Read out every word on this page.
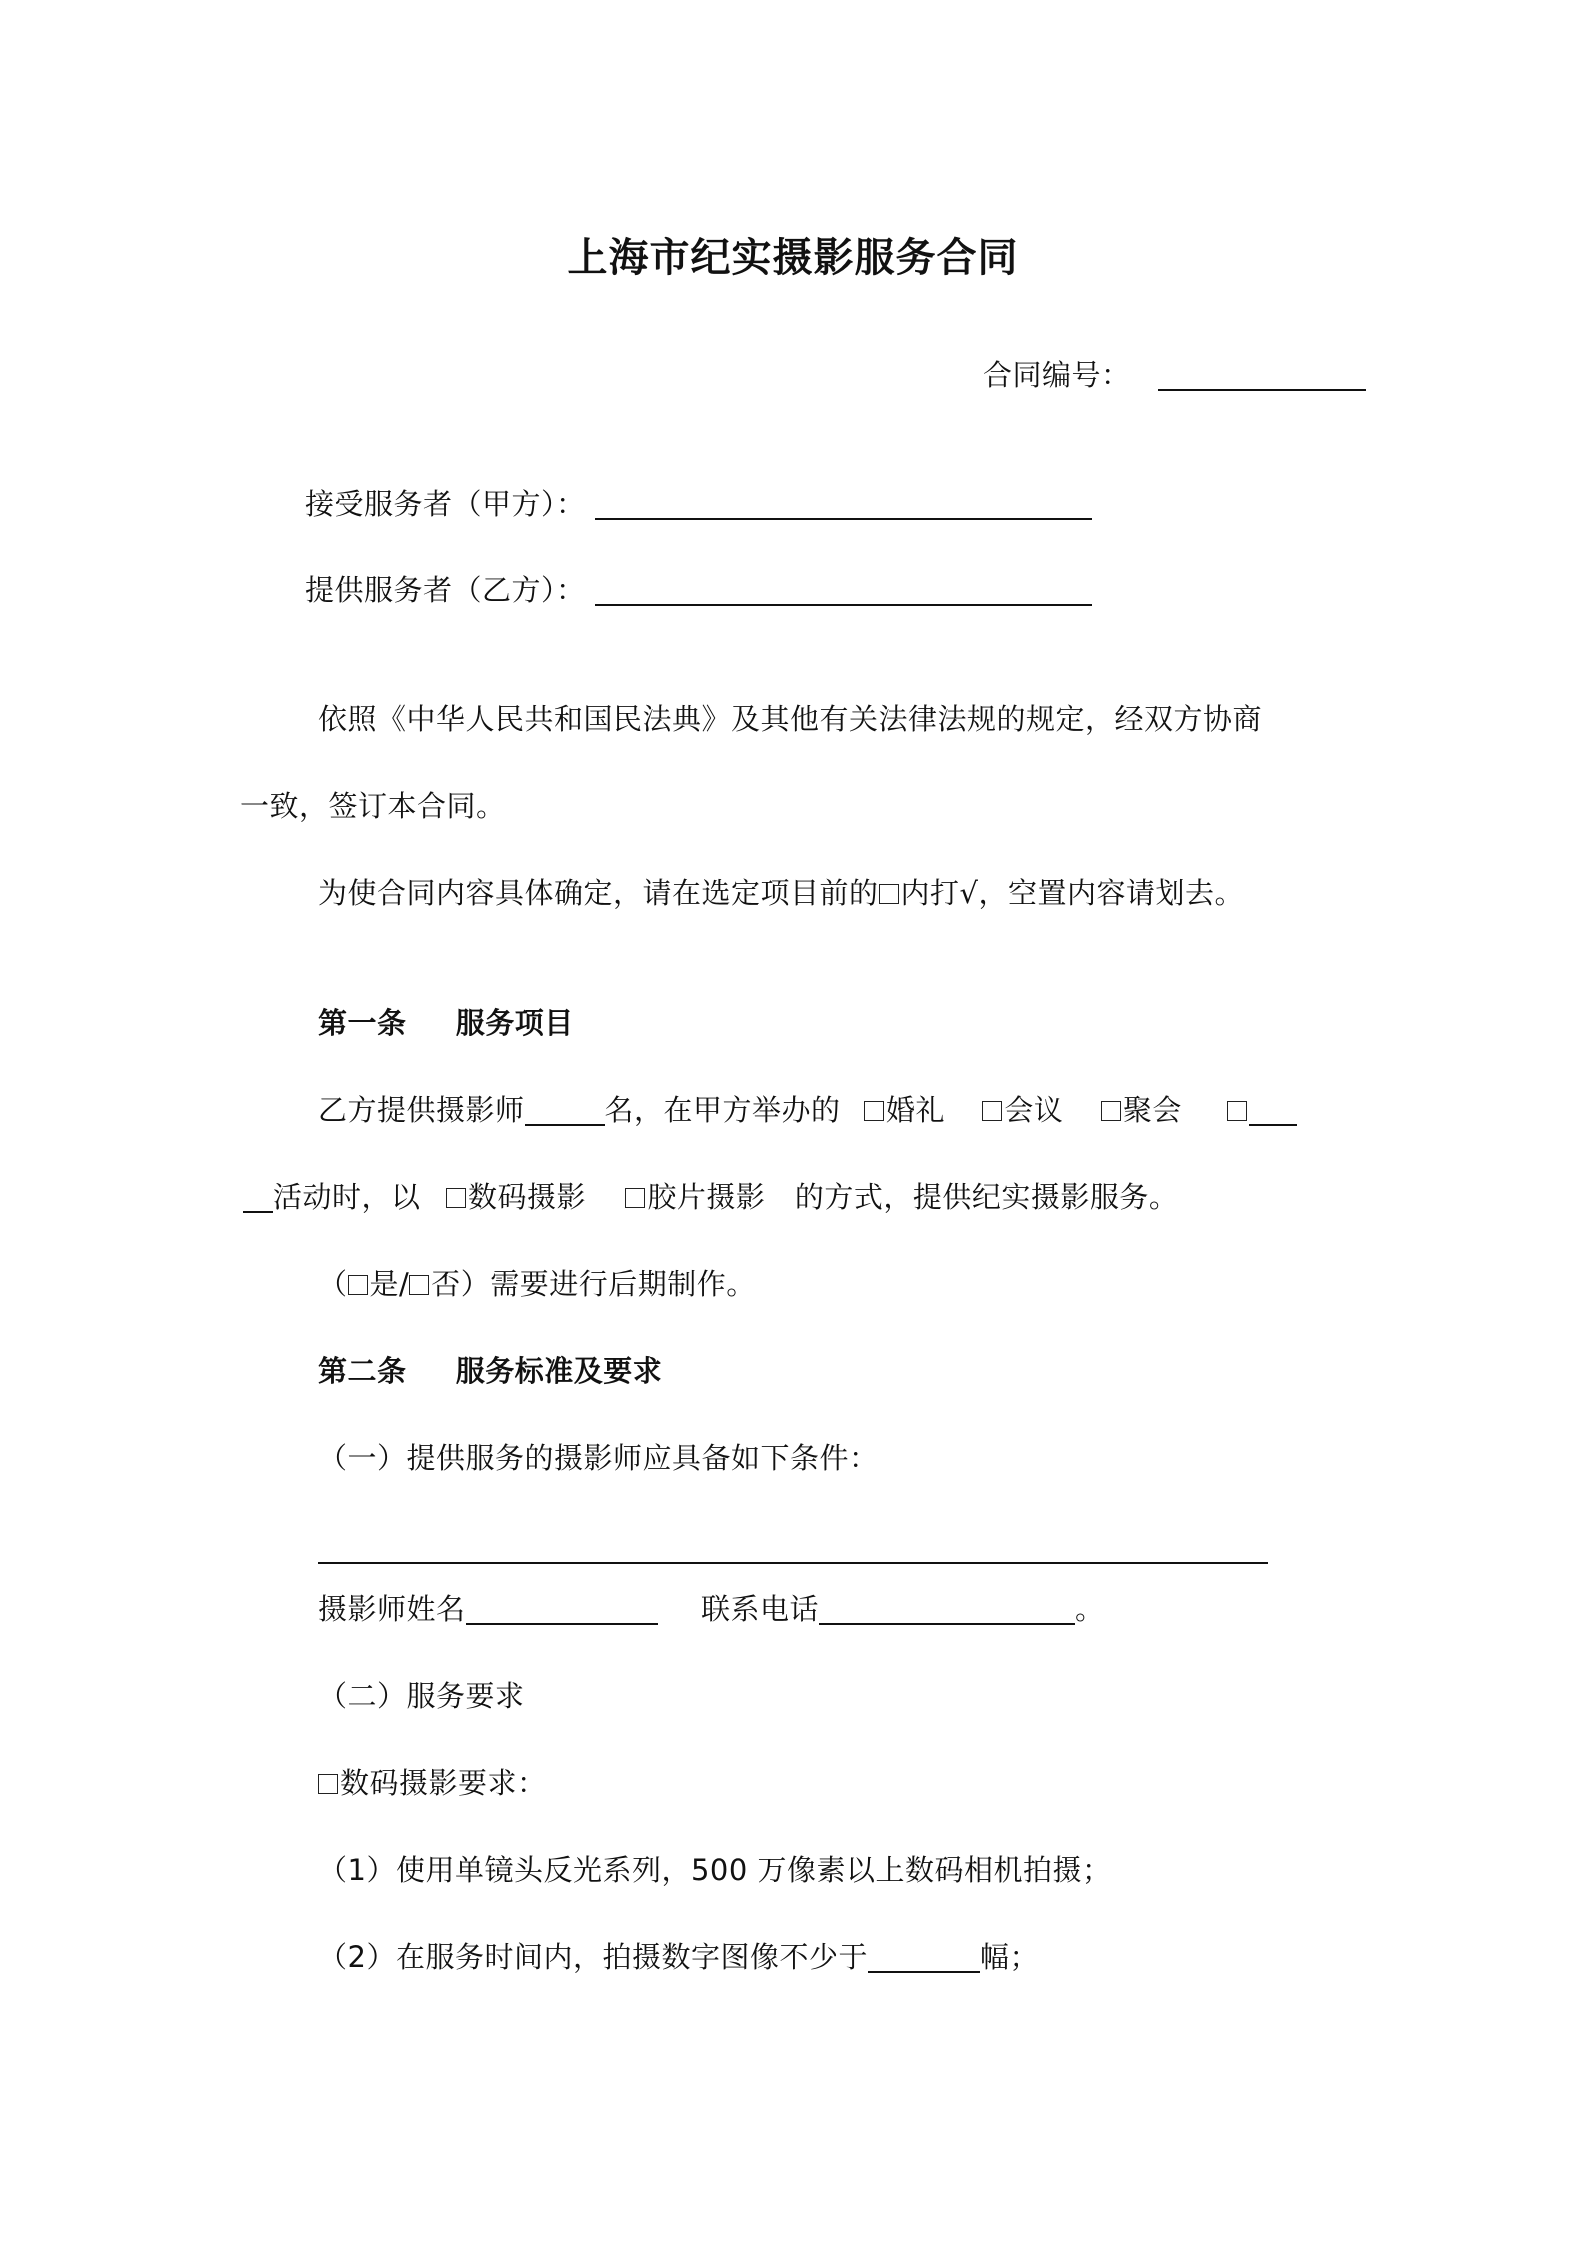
上海市纪实摄影服务合同
合同编号：
接受服务者（甲方）：
提供服务者（乙方）：
依照《中华人民共和国民法典》及其他有关法律法规的规定，经双方协商
一致，签订本合同。
为使合同内容具体确定，请在选定项目前的 内打√，空置内容请划去。
第一条 服务项目
乙方提供摄影师	名，在甲方举办的 婚礼 会议 聚会
活动时，以 数码摄影 胶片摄影 的方式，提供纪实摄影服务。
（ 是/ 否）需要进行后期制作。
第二条 服务标准及要求
（一）提供服务的摄影师应具备如下条件：
摄影师姓名	联系电话	。
（二）服务要求
数码摄影要求：
（1）使用单镜头反光系列，500 万像素以上数码相机拍摄；
（2）在服务时间内，拍摄数字图像不少于	幅；
